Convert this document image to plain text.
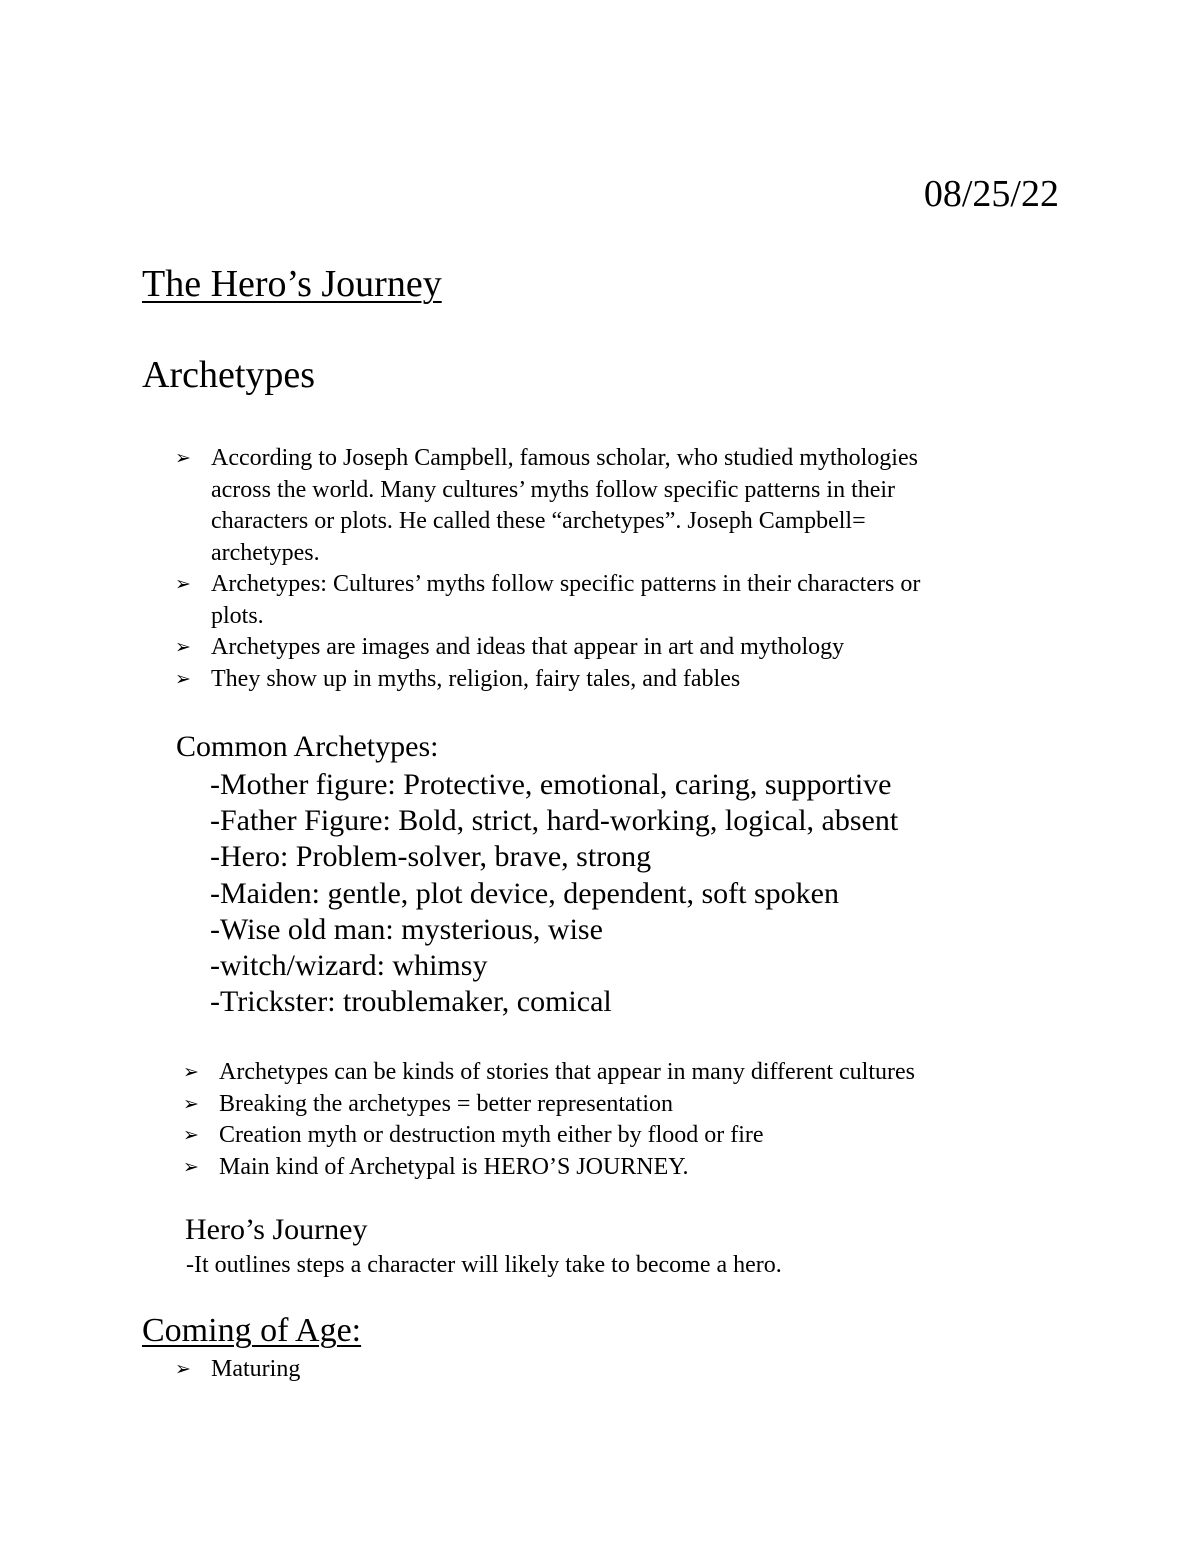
08/25/22
The Hero’s Journey
Archetypes
➢ According to Joseph Campbell, famous scholar, who studied mythologies
across the world. Many cultures’ myths follow specific patterns in their
characters or plots. He called these “archetypes”. Joseph Campbell=
archetypes.
➢ Archetypes: Cultures’ myths follow specific patterns in their characters or
plots.
➢ Archetypes are images and ideas that appear in art and mythology
➢ They show up in myths, religion, fairy tales, and fables
Common Archetypes:
-Mother figure: Protective, emotional, caring, supportive
-Father Figure: Bold, strict, hard-working, logical, absent
-Hero: Problem-solver, brave, strong
-Maiden: gentle, plot device, dependent, soft spoken
-Wise old man: mysterious, wise
-witch/wizard: whimsy
-Trickster: troublemaker, comical
➢ Archetypes can be kinds of stories that appear in many different cultures
➢ Breaking the archetypes = better representation
➢ Creation myth or destruction myth either by flood or fire
➢ Main kind of Archetypal is HERO’S JOURNEY.
Hero’s Journey
-It outlines steps a character will likely take to become a hero.
Coming of Age:
➢ Maturing
